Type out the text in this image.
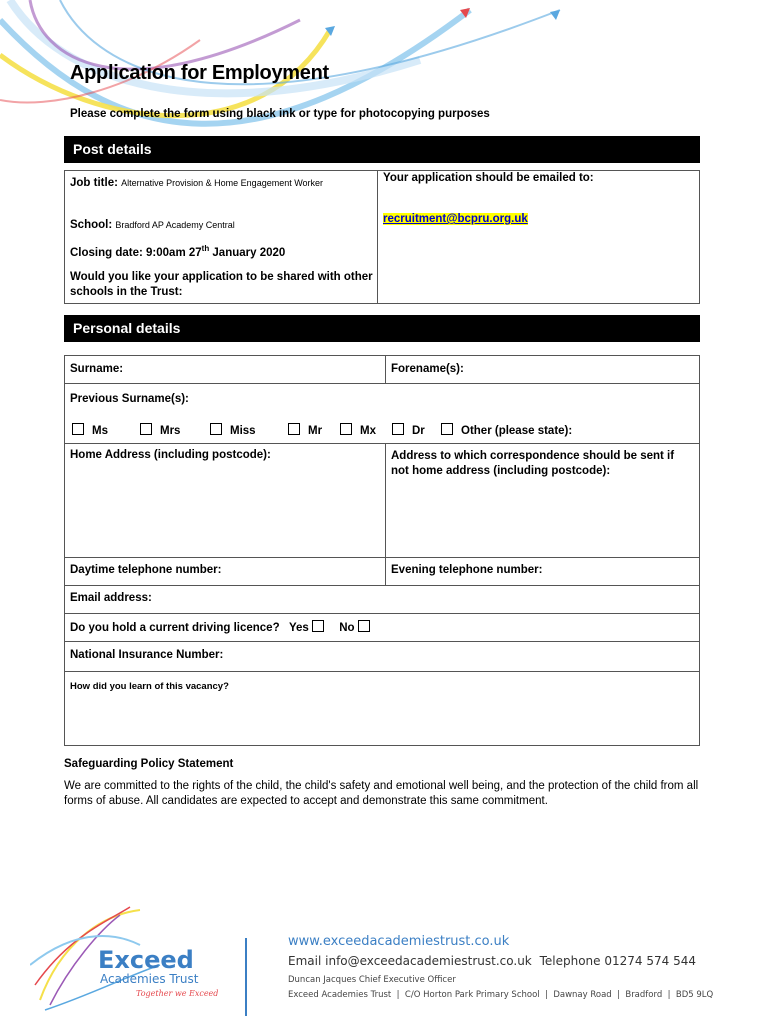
Application for Employment
Please complete the form using black ink or type for photocopying purposes
Post details
Job title: Alternative Provision & Home Engagement Worker
School: Bradford AP Academy Central
Closing date: 9:00am 27th January 2020
Would you like your application to be shared with other schools in the Trust:
Your application should be emailed to:
recruitment@bcpru.org.uk
Personal details
Surname:	Forename(s):
Previous Surname(s):
Ms	Mrs	Miss	Mr	Mx	Dr	Other (please state):
Home Address (including postcode):	Address to which correspondence should be sent if not home address (including postcode):
Daytime telephone number:	Evening telephone number:
Email address:
Do you hold a current driving licence? Yes	No
National Insurance Number:
How did you learn of this vacancy?
Safeguarding Policy Statement
We are committed to the rights of the child, the child's safety and emotional well being, and the protection of the child from all forms of abuse. All candidates are expected to accept and demonstrate this same commitment.
Exceed
Academies Trust
Together we Exceed
www.exceedacademiestrust.co.uk
Email info@exceedacademiestrust.co.uk Telephone 01274 574 544
Duncan Jacques Chief Executive Officer
Exceed Academies Trust  |  C/O Horton Park Primary School  |  Dawnay Road  |  Bradford  |  BD5 9LQ
